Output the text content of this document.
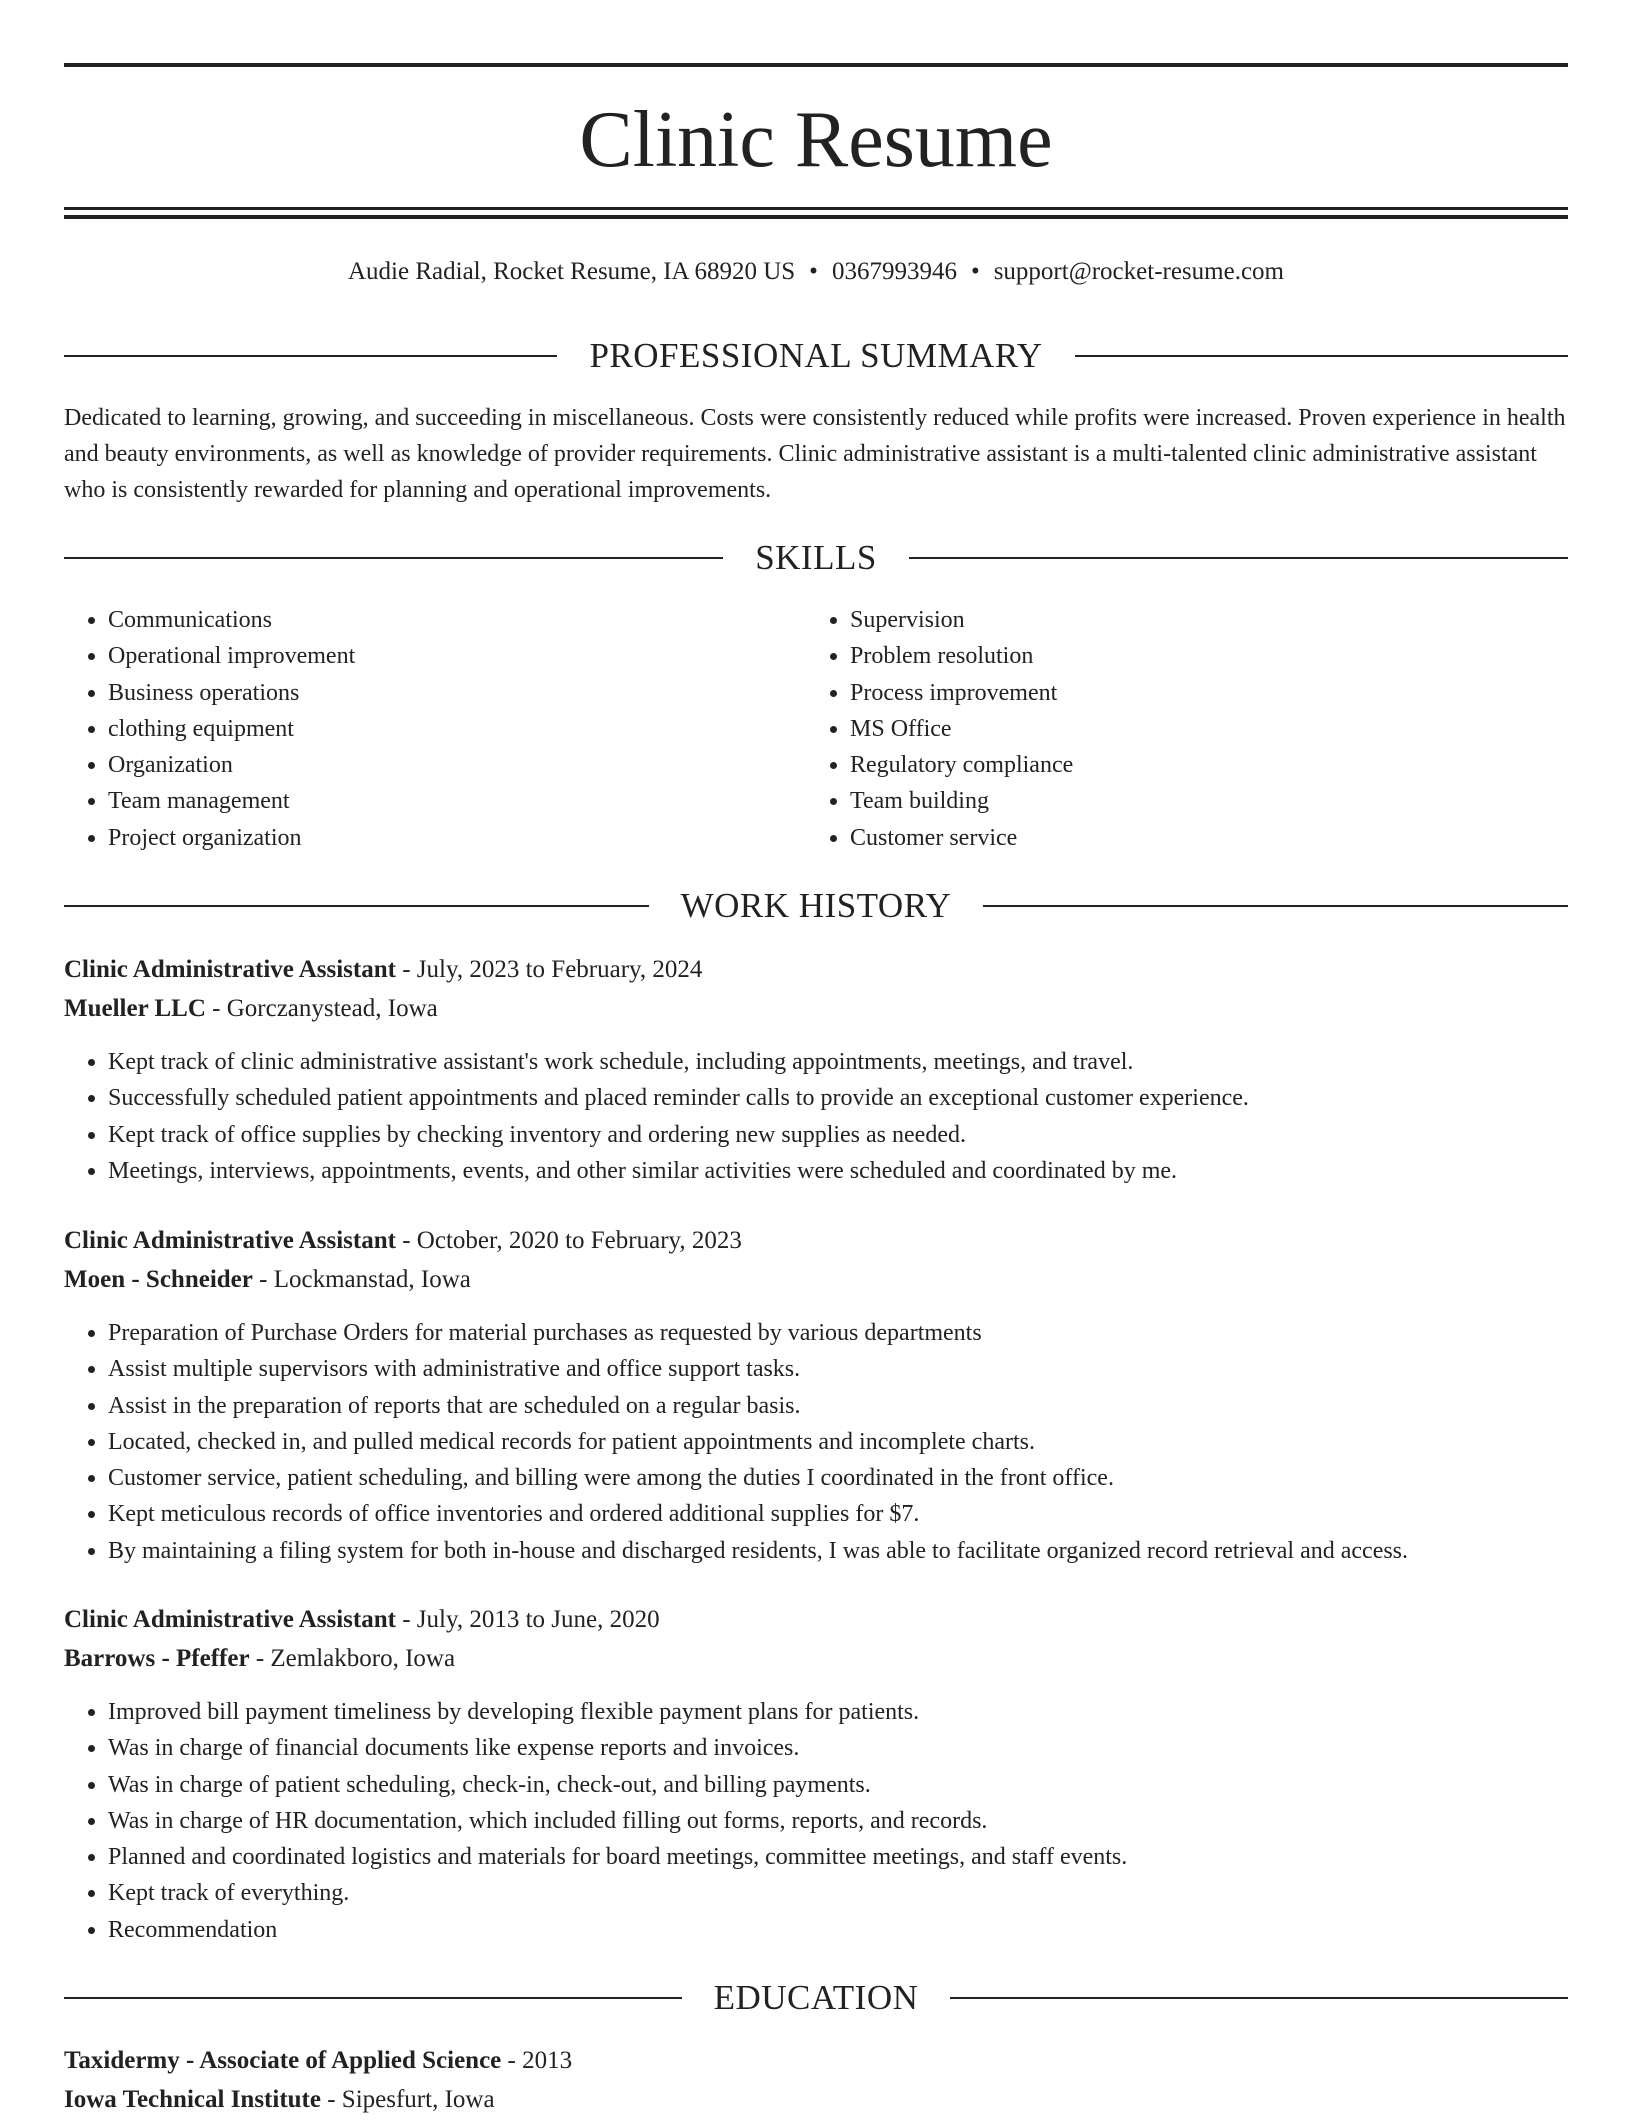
Clinic Resume
Audie Radial, Rocket Resume, IA 68920 US • 0367993946 • support@rocket-resume.com
PROFESSIONAL SUMMARY

Dedicated to learning, growing, and succeeding in miscellaneous. Costs were consistently reduced while profits were increased. Proven experience in health and beauty environments, as well as knowledge of provider requirements. Clinic administrative assistant is a multi-talented clinic administrative assistant who is consistently rewarded for planning and operational improvements.

SKILLS
• Communications
• Operational improvement
• Business operations
• clothing equipment
• Organization
• Team management
• Project organization
• Supervision
• Problem resolution
• Process improvement
• MS Office
• Regulatory compliance
• Team building
• Customer service
WORK HISTORY
Clinic Administrative Assistant - July, 2023 to February, 2024
Mueller LLC - Gorczanystead, Iowa
• Kept track of clinic administrative assistant's work schedule, including appointments, meetings, and travel.
• Successfully scheduled patient appointments and placed reminder calls to provide an exceptional customer experience.
• Kept track of office supplies by checking inventory and ordering new supplies as needed.
• Meetings, interviews, appointments, events, and other similar activities were scheduled and coordinated by me.
Clinic Administrative Assistant - October, 2020 to February, 2023
Moen - Schneider - Lockmanstad, Iowa
• Preparation of Purchase Orders for material purchases as requested by various departments
• Assist multiple supervisors with administrative and office support tasks.
• Assist in the preparation of reports that are scheduled on a regular basis.
• Located, checked in, and pulled medical records for patient appointments and incomplete charts.
• Customer service, patient scheduling, and billing were among the duties I coordinated in the front office.
• Kept meticulous records of office inventories and ordered additional supplies for $7.
• By maintaining a filing system for both in-house and discharged residents, I was able to facilitate organized record retrieval and access.
Clinic Administrative Assistant - July, 2013 to June, 2020
Barrows - Pfeffer - Zemlakboro, Iowa
• Improved bill payment timeliness by developing flexible payment plans for patients.
• Was in charge of financial documents like expense reports and invoices.
• Was in charge of patient scheduling, check-in, check-out, and billing payments.
• Was in charge of HR documentation, which included filling out forms, reports, and records.
• Planned and coordinated logistics and materials for board meetings, committee meetings, and staff events.
• Kept track of everything.
• Recommendation
EDUCATION
Taxidermy - Associate of Applied Science - 2013
Iowa Technical Institute - Sipesfurt, Iowa
